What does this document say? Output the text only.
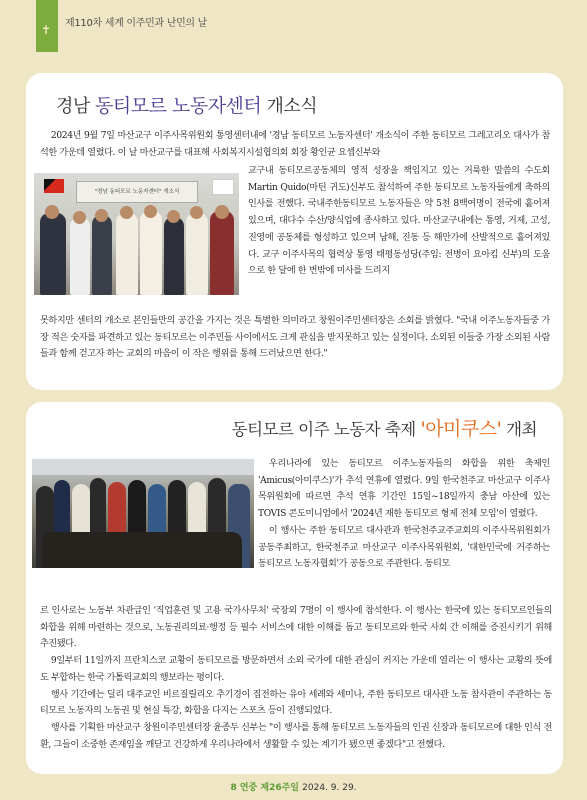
✝ 제110차 세계 이주민과 난민의 날
경남 동티모르 노동자센터 개소식

2024년 9월 7일 마산교구 이주사목위원회 통영센터내에 '경남 동티모르 노동자센터' 개소식이 주한 동티모르 그레고리오 대사가 참석한 가운데 열렸다. 이 날 마산교구를 대표해 사회복지시설협의회 회장 황인균 요셉신부와

"경남 동티모르 노동자센터" 개소식

교구내 동티모르공동체의 영적 성장을 책임지고 있는 거룩한 말씀의 수도회 Martin Quido(마틴 귀도)신부도 참석하여 주한 동티모르 노동자들에게 축하의 인사를 전했다. 국내주한동티모르 노동자들은 약 5천 8백여명이 전국에 흩어져 있으며, 대다수 수산/양식업에 종사하고 있다. 마산교구내에는 통영, 거제, 고성, 진영에 공동체를 형성하고 있으며 남해, 진동 등 해안가에 산발적으로 흩어져있다. 교구 이주사목의 협력상 통영 태평동성당(주임: 전병이 요아킴 신부)의 도움으로 한 달에 한 번밖에 미사를 드리지

못하지만 센터의 개소로 본인들만의 공간을 가지는 것은 특별한 의미라고 창원이주민센터장은 소회를 밝혔다. "국내 이주노동자들중 가장 적은 숫자를 파견하고 있는 동티모르는 이주민들 사이에서도 크게 관심을 받지못하고 있는 실정이다. 소외된 이들중 가장 소외된 사람들과 함께 걷고자 하는 교회의 마음이 이 작은 행위를 통해 드러났으면 한다."

동티모르 이주 노동자 축제 '아미쿠스' 개최

우리나라에 있는 동티모르 이주노동자들의 화합을 위한 축제인 'Amicus(아미쿠스)'가 추석 연휴에 열렸다. 9일 한국천주교 마산교구 이주사목위원회에 따르면 추석 연휴 기간인 15일~18일까지 충남 아산에 있는 TOVIS 콘도미니엄에서 '2024년 재한 동티모르 형제 전체 모임'이 열렸다.

이 행사는 주한 동티모르 대사관과 한국천주교주교회의 이주사목위원회가 공동주최하고, 한국천주교 마산교구 이주사목위원회, '대한민국에 거주하는 동티모르 노동자협회'가 공동으로 주관한다. 동티모

르 인사로는 노동부 차관급인 '직업훈련 및 고용 국가사무처' 국장외 7명이 이 행사에 참석한다. 이 행사는 한국에 있는 동티모르인들의 화합을 위해 마련하는 것으로, 노동권리의료·행정 등 필수 서비스에 대한 이해를 돕고 동티모르와 한국 사회 간 이해를 증진시키기 위해 추진됐다.

9일부터 11일까지 프란치스코 교황이 동티모르를 방문하면서 소외 국가에 대한 관심이 커지는 가운데 열리는 이 행사는 교황의 뜻에도 부합하는 한국 가톨릭교회의 행보라는 평이다.

행사 기간에는 딜리 대주교인 비르질릴리오 추기경이 집전하는 유아 세례와 세미나, 주한 동티모르 대사관 노동 참사관이 주관하는 동티모르 노동자의 노동권 및 현실 특강, 화합을 다지는 스포츠 등이 진행되었다.

행사를 기획한 마산교구 창원이주민센터장 윤종두 신부는 "이 행사를 통해 동티모르 노동자들의 인권 신장과 동티모르에 대한 인식 전환, 그들이 소중한 존재임을 깨닫고 건강하게 우리나라에서 생활할 수 있는 계기가 됐으면 좋겠다"고 전했다.

8 연중 제26주일 2024. 9. 29.
